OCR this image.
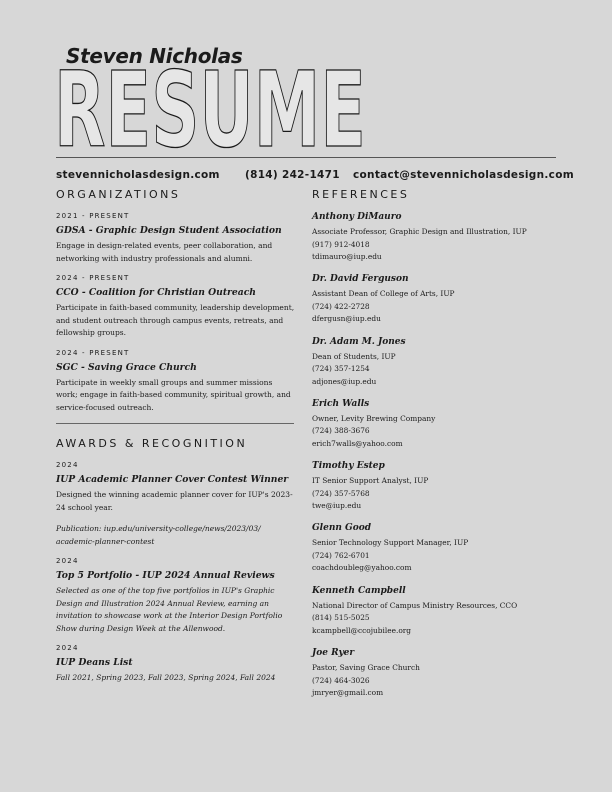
Steven Nicholas
RESUME
stevennicholasdesign.com (814) 242-1471 contact@stevennicholasdesign.com
ORGANIZATIONS
2021 - PRESENT
GDSA - Graphic Design Student Association
Engage in design-related events, peer collaboration, and networking with industry professionals and alumni.
2024 - PRESENT
CCO - Coalition for Christian Outreach
Participate in faith-based community, leadership development, and student outreach through campus events, retreats, and fellowship groups.
2024 - PRESENT
SGC - Saving Grace Church
Participate in weekly small groups and summer missions work; engage in faith-based community, spiritual growth, and service-focused outreach.
AWARDS & RECOGNITION
2024
IUP Academic Planner Cover Contest Winner
Designed the winning academic planner cover for IUP's 2023-24 school year.
Publication: iup.edu/university-college/news/2023/03/ academic-planner-contest
2024
Top 5 Portfolio - IUP 2024 Annual Reviews
Selected as one of the top five portfolios in IUP's Graphic Design and Illustration 2024 Annual Review, earning an invitation to showcase work at the Interior Design Portfolio Show during Design Week at the Allenwood.
2024
IUP Deans List
Fall 2021, Spring 2023, Fall 2023, Spring 2024, Fall 2024
REFERENCES
Anthony DiMauro
Associate Professor, Graphic Design and Illustration, IUP
(917) 912-4018
tdimauro@iup.edu
Dr. David Ferguson
Assistant Dean of College of Arts, IUP
(724) 422-2728
dfergusn@iup.edu
Dr. Adam M. Jones
Dean of Students, IUP
(724) 357-1254
adjones@iup.edu
Erich Walls
Owner, Levity Brewing Company
(724) 388-3676
erich7walls@yahoo.com
Timothy Estep
IT Senior Support Analyst, IUP
(724) 357-5768
twe@iup.edu
Glenn Good
Senior Technology Support Manager, IUP
(724) 762-6701
coachdoubleg@yahoo.com
Kenneth Campbell
National Director of Campus Ministry Resources, CCO
(814) 515-5025
kcampbell@ccojubilee.org
Joe Ryer
Pastor, Saving Grace Church
(724) 464-3026
jmryer@gmail.com
